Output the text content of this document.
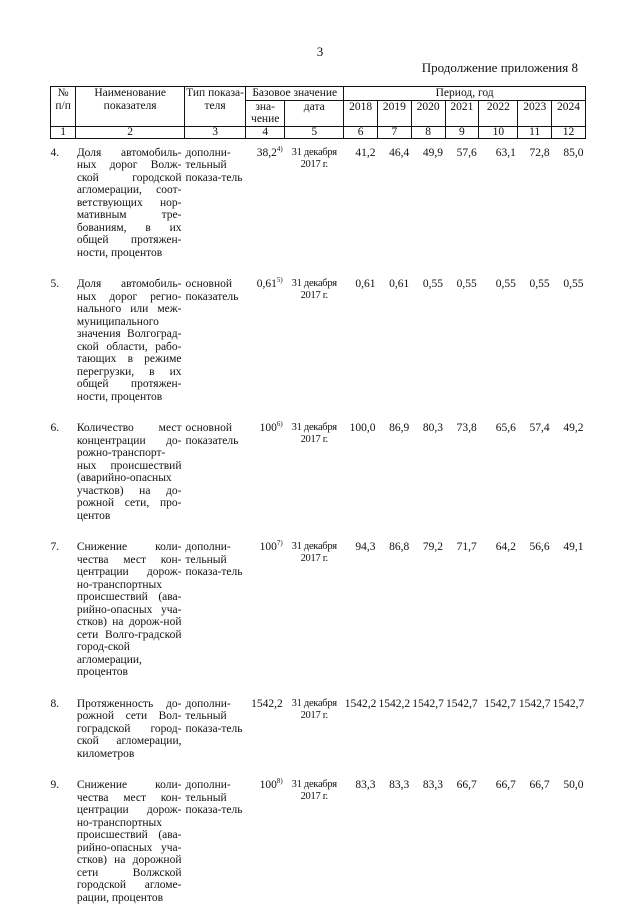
3
Продолжение приложения 8
№ п/п	Наименование показателя	Тип показа-теля	Базовое значение		Период, год						
			зна-чение	дата	2018	2019	2020	2021	2022	2023	2024
1	2	3	4	5	6	7	8	9	10	11	12

4.	Доля автомобиль-ных дорог Волж-ской городской агломерации, соот-ветствующих нор-мативным тре-бованиям, в их общей протяжен-ности, процентов	дополни-тельный показа-тель	38,2$^{4)}$	31 декабря 2017 г.	41,2	46,4	49,9	57,6	63,1	72,8	85,0

5.	Доля автомобиль-ных дорог регио-нального или меж-муниципального значения Волгоград-ской области, рабо-тающих в режиме перегрузки, в их общей протяжен-ности, процентов	основной показатель	0,61$^{5)}$	31 декабря 2017 г.	0,61	0,61	0,55	0,55	0,55	0,55	0,55

6.	Количество мест концентрации до-рожно-транспорт-ных происшествий (аварийно-опасных участков) на до-рожной сети, про-центов	основной показатель	100$^{6)}$	31 декабря 2017 г.	100,0	86,9	80,3	73,8	65,6	57,4	49,2

7.	Снижение коли-чества мест кон-центрации дорож-но-транспортных происшествий (ава-рийно-опасных уча-стков) на дорож-ной сети Волго-градской город-ской агломерации, процентов	дополни-тельный показа-тель	100$^{7)}$	31 декабря 2017 г.	94,3	86,8	79,2	71,7	64,2	56,6	49,1

8.	Протяженность до-рожной сети Вол-гоградской город-ской агломерации, километров	дополни-тельный показа-тель	1542,2	31 декабря 2017 г.	1542,2	1542,2	1542,7	1542,7	1542,7	1542,7	1542,7

9.	Снижение коли-чества мест кон-центрации дорож-но-транспортных происшествий (ава-рийно-опасных уча-стков) на дорожной сети Волжской городской агломе-рации, процентов	дополни-тельный показа-тель	100$^{8)}$	31 декабря 2017 г.	83,3	83,3	83,3	66,7	66,7	66,7	50,0
